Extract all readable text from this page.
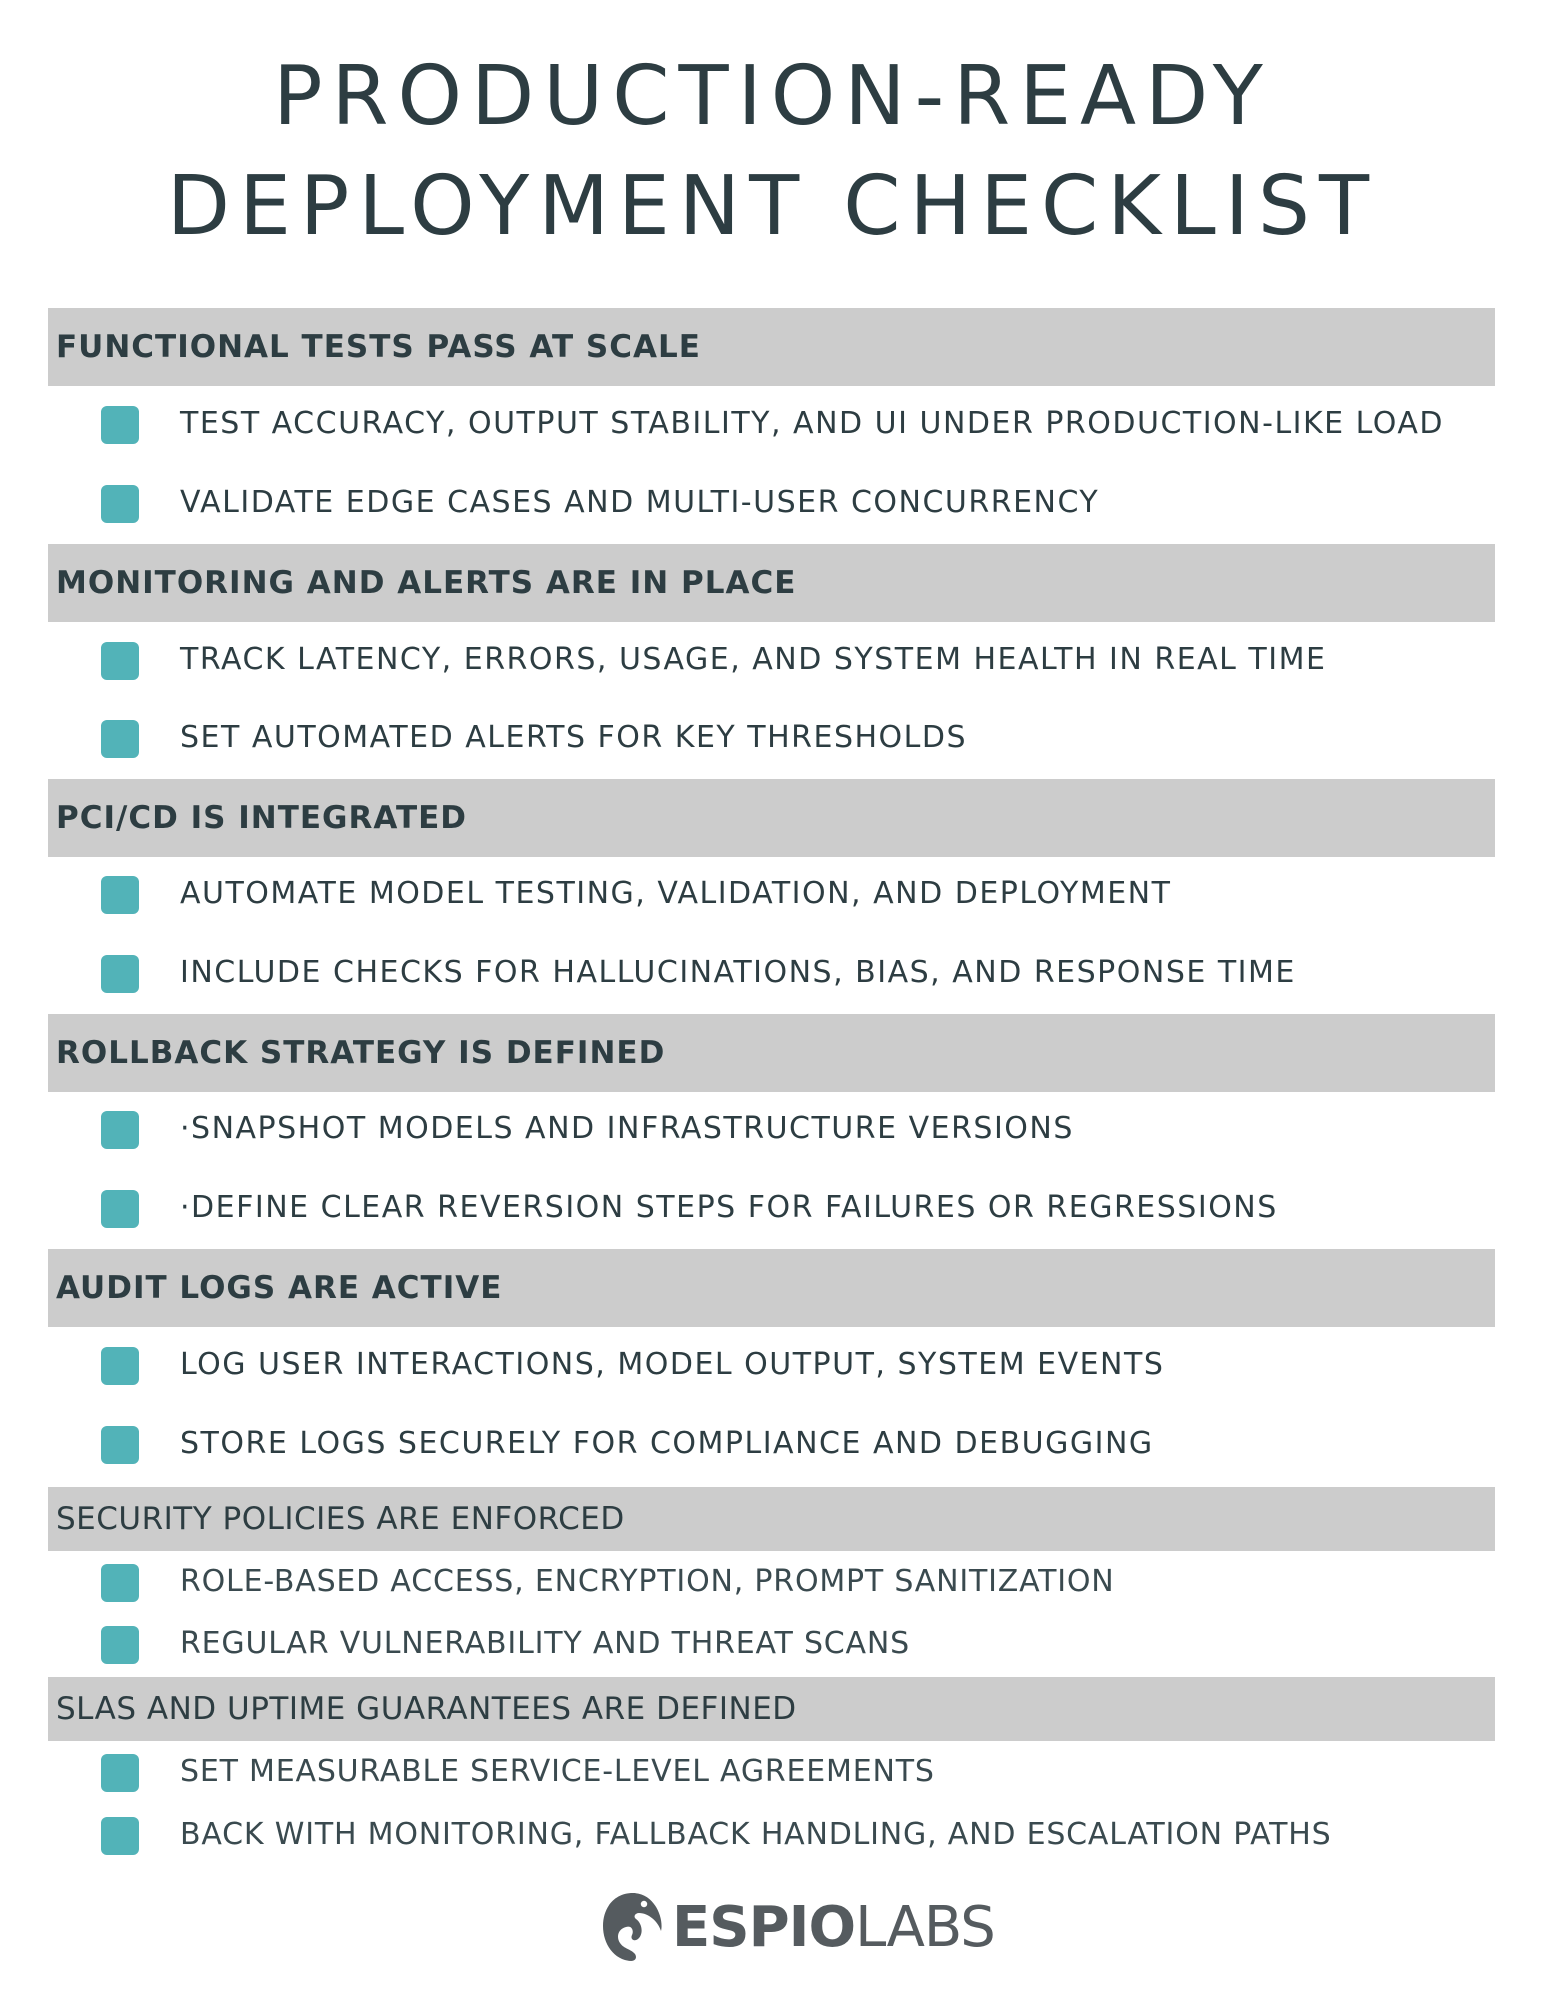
PRODUCTION-READY
DEPLOYMENT CHECKLIST
FUNCTIONAL TESTS PASS AT SCALE
TEST ACCURACY, OUTPUT STABILITY, AND UI UNDER PRODUCTION-LIKE LOAD
VALIDATE EDGE CASES AND MULTI-USER CONCURRENCY
MONITORING AND ALERTS ARE IN PLACE
TRACK LATENCY, ERRORS, USAGE, AND SYSTEM HEALTH IN REAL TIME
SET AUTOMATED ALERTS FOR KEY THRESHOLDS
PCI/CD IS INTEGRATED
AUTOMATE MODEL TESTING, VALIDATION, AND DEPLOYMENT
INCLUDE CHECKS FOR HALLUCINATIONS, BIAS, AND RESPONSE TIME
ROLLBACK STRATEGY IS DEFINED
·SNAPSHOT MODELS AND INFRASTRUCTURE VERSIONS
·DEFINE CLEAR REVERSION STEPS FOR FAILURES OR REGRESSIONS
AUDIT LOGS ARE ACTIVE
LOG USER INTERACTIONS, MODEL OUTPUT, SYSTEM EVENTS
STORE LOGS SECURELY FOR COMPLIANCE AND DEBUGGING
SECURITY POLICIES ARE ENFORCED
ROLE-BASED ACCESS, ENCRYPTION, PROMPT SANITIZATION
REGULAR VULNERABILITY AND THREAT SCANS
SLAS AND UPTIME GUARANTEES ARE DEFINED
SET MEASURABLE SERVICE-LEVEL AGREEMENTS
BACK WITH MONITORING, FALLBACK HANDLING, AND ESCALATION PATHS
ESPIO LABS
